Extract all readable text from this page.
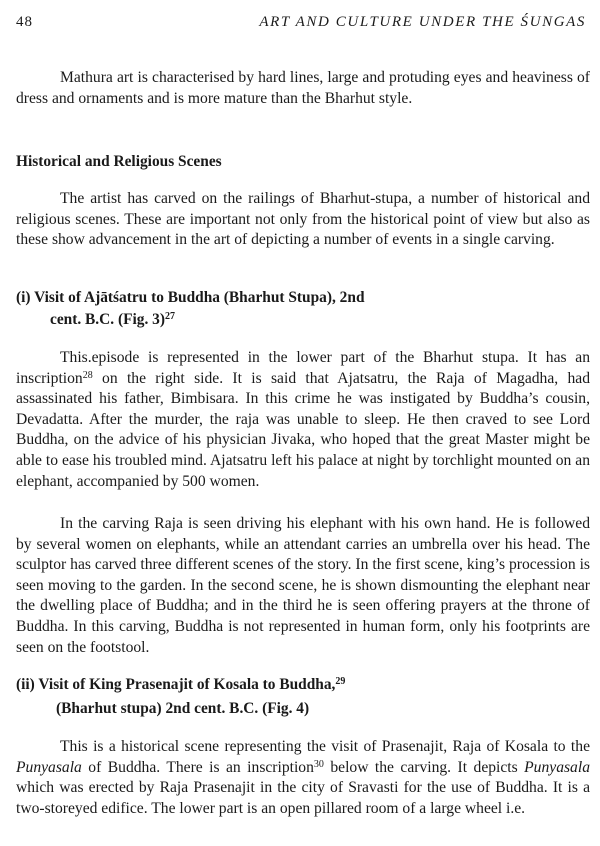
48	ART AND CULTURE UNDER THE ŚUNGAS

Mathura art is characterised by hard lines, large and protuding eyes and heaviness of dress and ornaments and is more mature than the Bharhut style.

Historical and Religious Scenes

The artist has carved on the railings of Bharhut-stupa, a number of historical and religious scenes. These are important not only from the historical point of view but also as these show advancement in the art of depicting a number of events in a single carving.

(i) Visit of Ajātśatru to Buddha (Bharhut Stupa), 2nd
cent. B.C. (Fig. 3)$^{27}$

This.episode is represented in the lower part of the Bharhut stupa. It has an inscription$^{28}$ on the right side. It is said that Ajatsatru, the Raja of Magadha, had assassinated his father, Bimbisara. In this crime he was instigated by Buddha’s cousin, Devadatta. After the murder, the raja was unable to sleep. He then craved to see Lord Buddha, on the advice of his physician Jivaka, who hoped that the great Master might be able to ease his troubled mind. Ajatsatru left his palace at night by torchlight mounted on an elephant, accompanied by 500 women.

In the carving Raja is seen driving his elephant with his own hand. He is followed by several women on elephants, while an attendant carries an umbrella over his head. The sculptor has carved three different scenes of the story. In the first scene, king’s procession is seen moving to the garden. In the second scene, he is shown dismounting the elephant near the dwelling place of Buddha; and in the third he is seen offering prayers at the throne of Buddha. In this carving, Buddha is not represented in human form, only his footprints are seen on the footstool.

(ii) Visit of King Prasenajit of Kosala to Buddha,$^{29}$
(Bharhut stupa) 2nd cent. B.C. (Fig. 4)

This is a historical scene representing the visit of Prasenajit, Raja of Kosala to the Punyasala of Buddha. There is an inscription$^{30}$ below the carving. It depicts Punyasala which was erected by Raja Prasenajit in the city of Sravasti for the use of Buddha. It is a two-storeyed edifice. The lower part is an open pillared room of a large wheel i.e.
